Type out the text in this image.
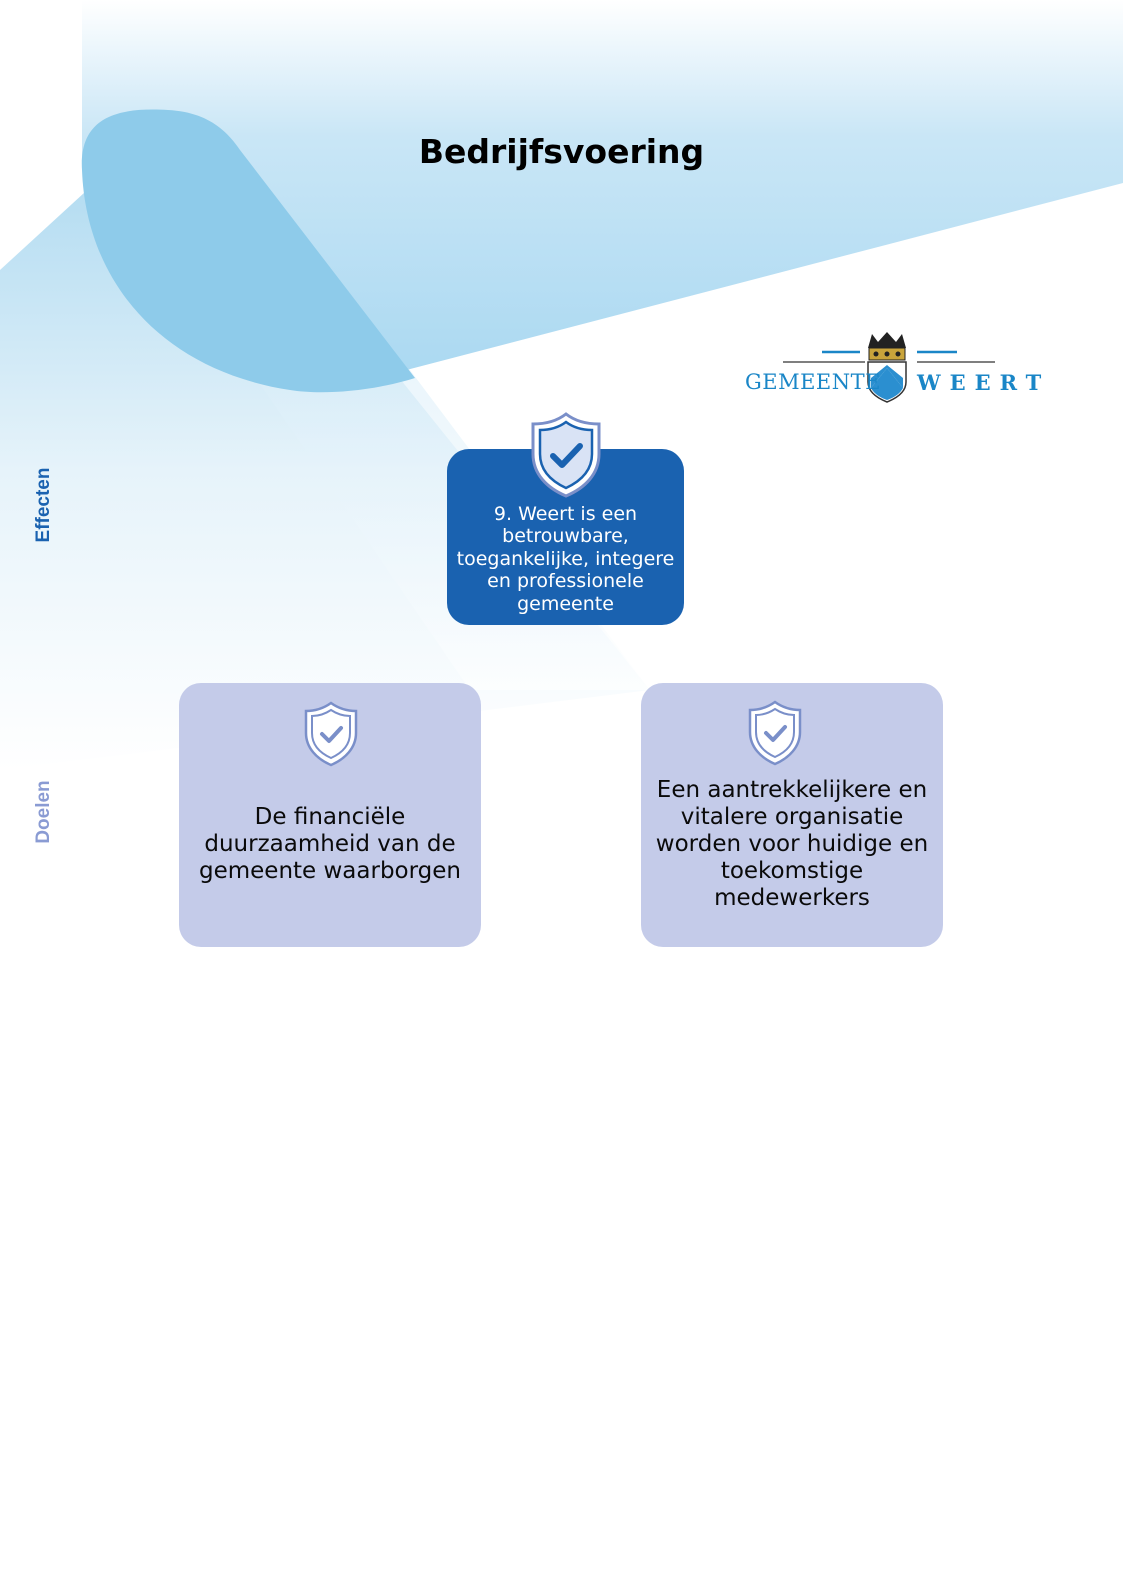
Bedrijfsvoering
GEMEENTE WEERT
Effecten
Doelen
9. Weert is een betrouwbare, toegankelijke, integere en professionele gemeente
De financiële duurzaamheid van de gemeente waarborgen
Een aantrekkelijkere en vitalere organisatie worden voor huidige en toekomstige medewerkers
